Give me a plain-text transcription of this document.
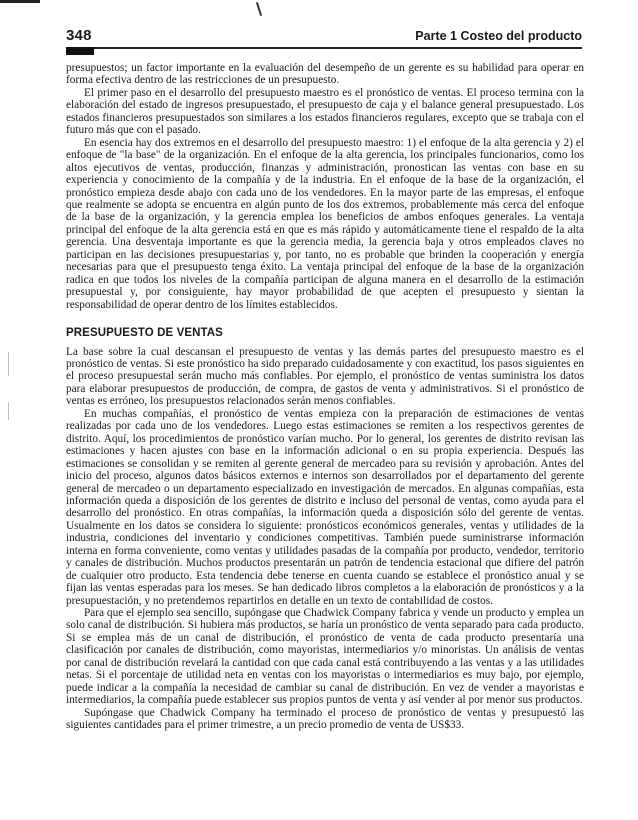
348	Parte 1 Costeo del producto

presupuestos; un factor importante en la evaluación del desempeño de un gerente es su habilidad para operar en forma efectiva dentro de las restricciones de un presupuesto.

El primer paso en el desarrollo del presupuesto maestro es el pronóstico de ventas. El proceso termina con la elaboración del estado de ingresos presupuestado, el presupuesto de caja y el balance general presupuestado. Los estados financieros presupuestados son similares a los estados financieros regulares, excepto que se trabaja con el futuro más que con el pasado.

En esencia hay dos extremos en el desarrollo del presupuesto maestro: 1) el enfoque de la alta gerencia y 2) el enfoque de "la base" de la organización. En el enfoque de la alta gerencia, los principales funcionarios, como los altos ejecutivos de ventas, producción, finanzas y administración, pronostican las ventas con base en su experiencia y conocimiento de la compañía y de la industria. En el enfoque de la base de la organización, el pronóstico empieza desde abajo con cada uno de los vendedores. En la mayor parte de las empresas, el enfoque que realmente se adopta se encuentra en algún punto de los dos extremos, probablemente más cerca del enfoque de la base de la organización, y la gerencia emplea los beneficios de ambos enfoques generales. La ventaja principal del enfoque de la alta gerencia está en que es más rápido y automáticamente tiene el respaldo de la alta gerencia. Una desventaja importante es que la gerencia media, la gerencia baja y otros empleados claves no participan en las decisiones presupuestarias y, por tanto, no es probable que brinden la cooperación y energía necesarias para que el presupuesto tenga éxito. La ventaja principal del enfoque de la base de la organización radica en que todos los niveles de la compañía participan de alguna manera en el desarrollo de la estimación presupuestal y, por consiguiente, hay mayor probabilidad de que acepten el presupuesto y sientan la responsabilidad de operar dentro de los límites establecidos.

PRESUPUESTO DE VENTAS

La base sobre la cual descansan el presupuesto de ventas y las demás partes del presupuesto maestro es el pronóstico de ventas. Si este pronóstico ha sido preparado cuidadosamente y con exactitud, los pasos siguientes en el proceso presupuestal serán mucho más confiables. Por ejemplo, el pronóstico de ventas suministra los datos para elaborar presupuestos de producción, de compra, de gastos de venta y administrativos. Si el pronóstico de ventas es erróneo, los presupuestos relacionados serán menos confiables.

En muchas compañías, el pronóstico de ventas empieza con la preparación de estimaciones de ventas realizadas por cada uno de los vendedores. Luego estas estimaciones se remiten a los respectivos gerentes de distrito. Aquí, los procedimientos de pronóstico varían mucho. Por lo general, los gerentes de distrito revisan las estimaciones y hacen ajustes con base en la información adicional o en su propia experiencia. Después las estimaciones se consolidan y se remiten al gerente general de mercadeo para su revisión y aprobación. Antes del inicio del proceso, algunos datos básicos externos e internos son desarrollados por el departamento del gerente general de mercadeo o un departamento especializado en investigación de mercados. En algunas compañías, esta información queda a disposición de los gerentes de distrito e incluso del personal de ventas, como ayuda para el desarrollo del pronóstico. En otras compañías, la información queda a disposición sólo del gerente de ventas. Usualmente en los datos se considera lo siguiente: pronósticos económicos generales, ventas y utilidades de la industria, condiciones del inventario y condiciones competitivas. También puede suministrarse información interna en forma conveniente, como ventas y utilidades pasadas de la compañía por producto, vendedor, territorio y canales de distribución. Muchos productos presentarán un patrón de tendencia estacional que difiere del patrón de cualquier otro producto. Esta tendencia debe tenerse en cuenta cuando se establece el pronóstico anual y se fijan las ventas esperadas para los meses. Se han dedicado libros completos a la elaboración de pronósticos y a la presupuestación, y no pretendemos repartirlos en detalle en un texto de contabilidad de costos.

Para que el ejemplo sea sencillo, supóngase que Chadwick Company fabrica y vende un producto y emplea un solo canal de distribución. Si hubiera más productos, se haría un pronóstico de venta separado para cada producto. Si se emplea más de un canal de distribución, el pronóstico de venta de cada producto presentaría una clasificación por canales de distribución, como mayoristas, intermediarios y/o minoristas. Un análisis de ventas por canal de distribución revelará la cantidad con que cada canal está contribuyendo a las ventas y a las utilidades netas. Si el porcentaje de utilidad neta en ventas con los mayoristas o intermediarios es muy bajo, por ejemplo, puede indicar a la compañía la necesidad de cambiar su canal de distribución. En vez de vender a mayoristas e intermediarios, la compañía puede establecer sus propios puntos de venta y así vender al por menor sus productos.

Supóngase que Chadwick Company ha terminado el proceso de pronóstico de ventas y presupuestó las siguientes cantidades para el primer trimestre, a un precio promedio de venta de US$33.
